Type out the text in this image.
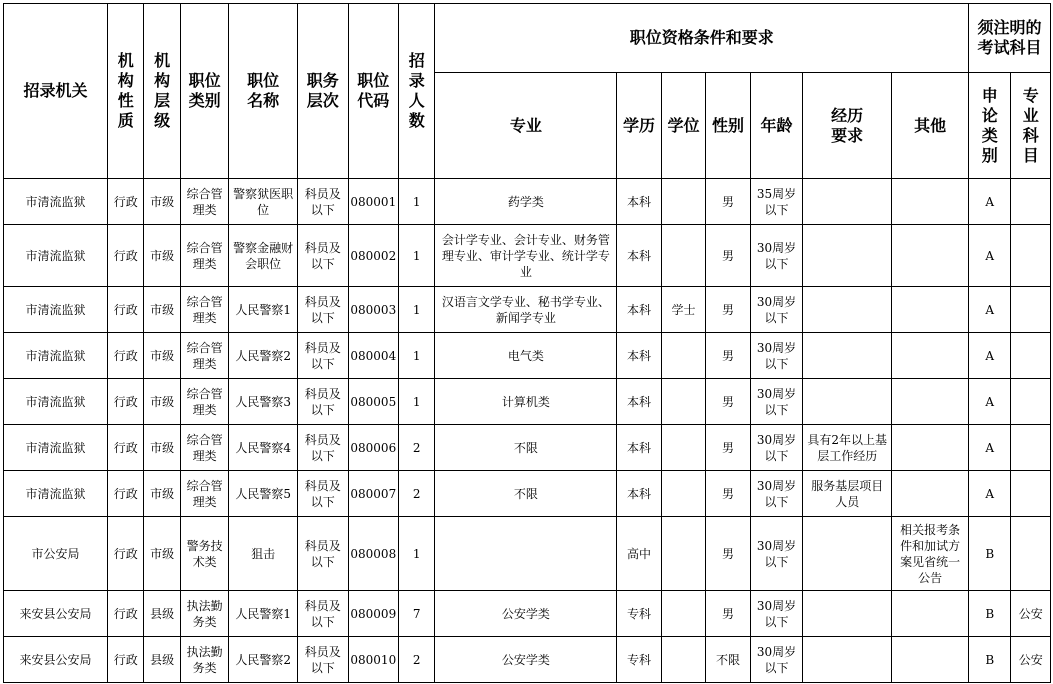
招录机关	机构性质	机构层级	职位类别	职位名称	职务层次	职位代码	招录人数	职位资格条件和要求							须注明的考试科目	
								专业	学历	学位	性别	年龄	经历要求	其他	申论类别	专业科目
市清流监狱	行政	市级	综合管理类	警察狱医职位	科员及以下	080001	1	药学类	本科		男	35周岁以下			A	
市清流监狱	行政	市级	综合管理类	警察金融财会职位	科员及以下	080002	1	会计学专业、会计专业、财务管理专业、审计学专业、统计学专业	本科		男	30周岁以下			A	
市清流监狱	行政	市级	综合管理类	人民警察1	科员及以下	080003	1	汉语言文学专业、秘书学专业、新闻学专业	本科	学士	男	30周岁以下			A	
市清流监狱	行政	市级	综合管理类	人民警察2	科员及以下	080004	1	电气类	本科		男	30周岁以下			A	
市清流监狱	行政	市级	综合管理类	人民警察3	科员及以下	080005	1	计算机类	本科		男	30周岁以下			A	
市清流监狱	行政	市级	综合管理类	人民警察4	科员及以下	080006	2	不限	本科		男	30周岁以下	具有2年以上基层工作经历		A	
市清流监狱	行政	市级	综合管理类	人民警察5	科员及以下	080007	2	不限	本科		男	30周岁以下	服务基层项目人员		A	
市公安局	行政	市级	警务技术类	狙击	科员及以下	080008	1		高中		男	30周岁以下		相关报考条件和加试方案见省统一公告	B	
来安县公安局	行政	县级	执法勤务类	人民警察1	科员及以下	080009	7	公安学类	专科		男	30周岁以下			B	公安
来安县公安局	行政	县级	执法勤务类	人民警察2	科员及以下	080010	2	公安学类	专科		不限	30周岁以下			B	公安
